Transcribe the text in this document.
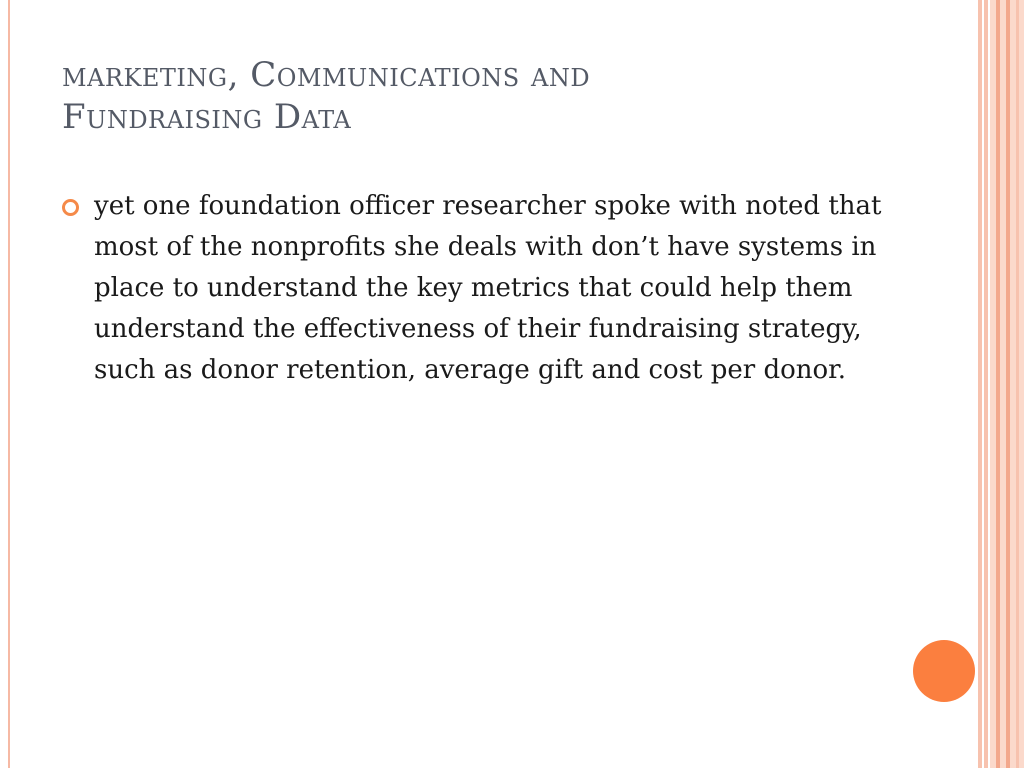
marketing, Communications and
Fundraising Data
yet one foundation officer researcher spoke with noted that most of the nonprofits she deals with don’t have systems in place to understand the key metrics that could help them understand the effectiveness of their fundraising strategy, such as donor retention, average gift and cost per donor.
